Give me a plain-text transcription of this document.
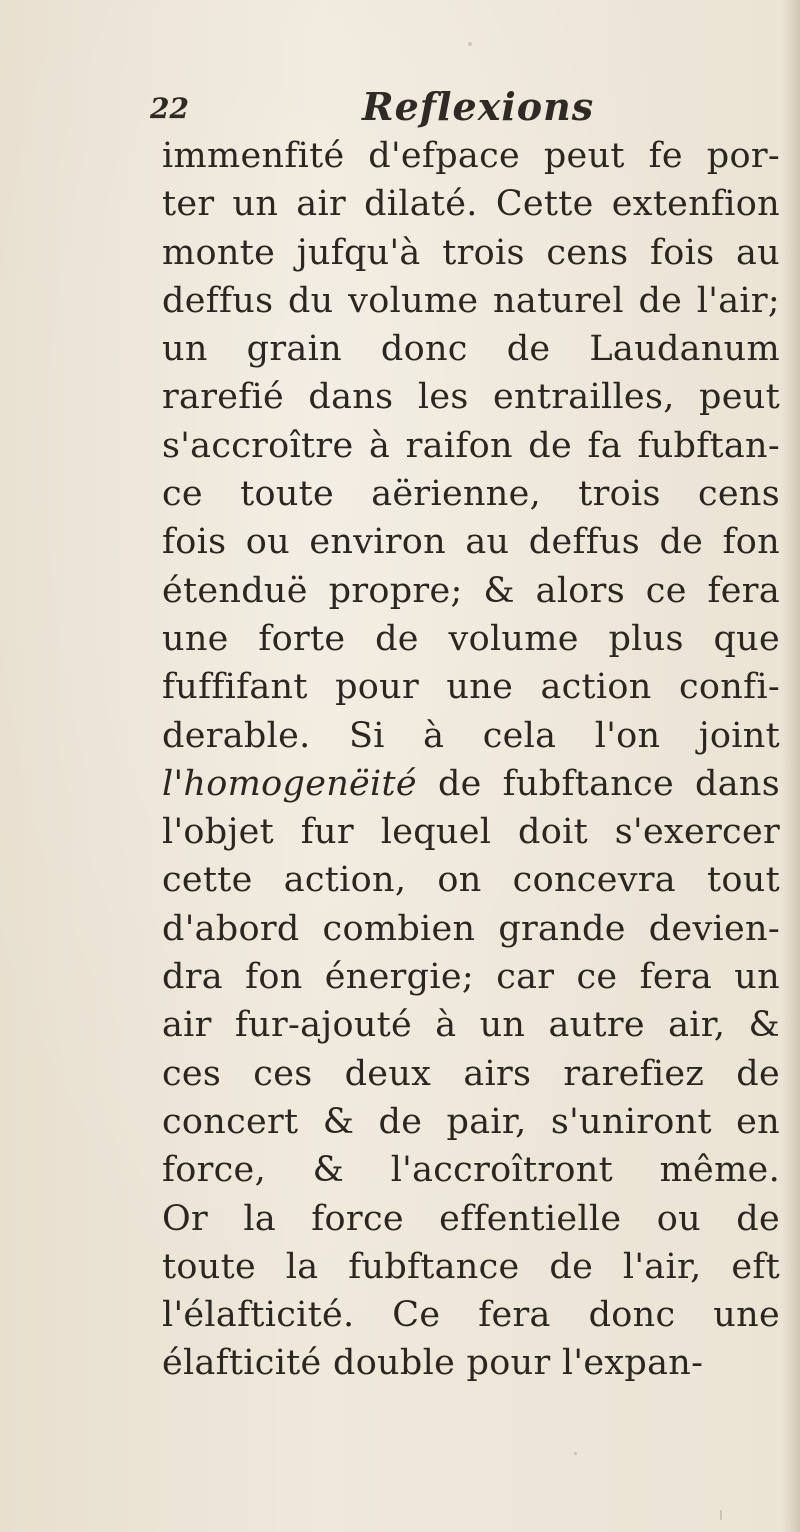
22	Reflexions
immenfité d'efpace peut fe por-
ter un air dilaté. Cette extenfion
monte jufqu'à trois cens fois au
deffus du volume naturel de l'air;
un grain donc de Laudanum
rarefié dans les entrailles, peut
s'accroître à raifon de fa fubftan-
ce toute aërienne, trois cens
fois ou environ au deffus de fon
étenduë propre; & alors ce fera
une forte de volume plus que
fuffifant pour une action confi-
derable. Si à cela l'on joint
l'homogenëité de fubftance dans
l'objet fur lequel doit s'exercer
cette action, on concevra tout
d'abord combien grande devien-
dra fon énergie; car ce fera un
air fur-ajouté à un autre air, &
ces ces deux airs rarefiez de
concert & de pair, s'uniront en
force, & l'accroîtront même.
Or la force effentielle ou de
toute la fubftance de l'air, eft
l'élafticité. Ce fera donc une
élafticité double pour l'expan-
